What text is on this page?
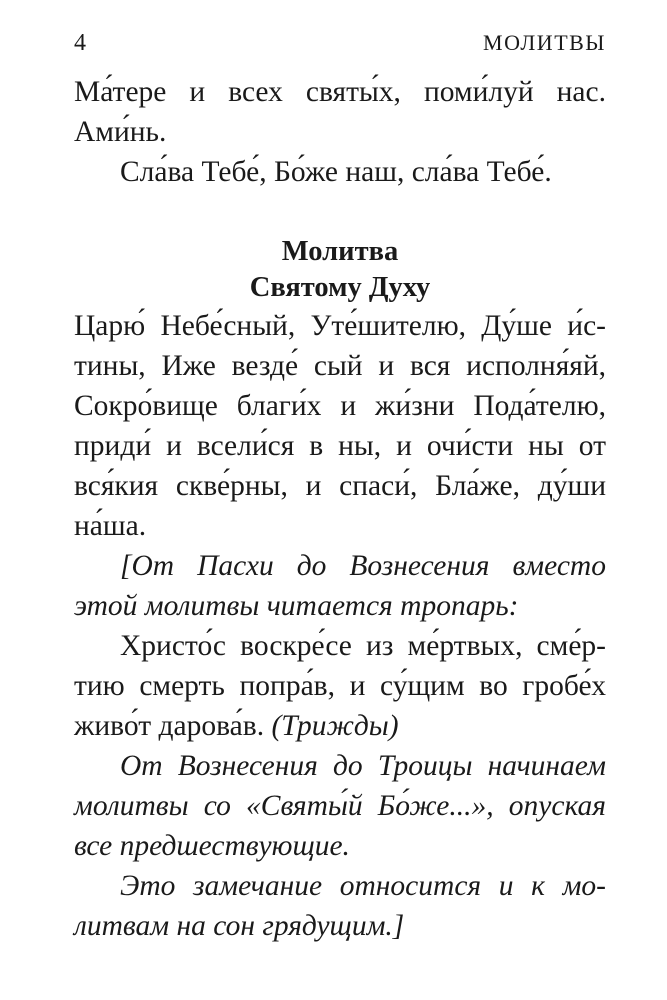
4	МОЛИТВЫ
Ма́тере и всех святы́х, поми́луй нас.
Ами́нь.
Сла́ва Тебе́, Бо́же наш, сла́ва Тебе́.
Молитва
Святому Духу
Царю́ Небе́сный, Уте́шителю, Ду́ше и́с-
тины, Иже везде́ сый и вся исполня́яй,
Сокро́вище благи́х и жи́зни Пода́телю,
приди́ и всели́ся в ны, и очи́сти ны от
вся́кия скве́рны, и спаси́, Бла́же, ду́ши
на́ша.
[От Пасхи до Вознесения вместо
этой молитвы читается тропарь:
Христо́с воскре́се из ме́ртвых, сме́р-
тию смерть попра́в, и су́щим во гробе́х
живо́т дарова́в. (Трижды)
От Вознесения до Троицы начинаем
молитвы со «Святы́й Бо́же...», опуская
все предшествующие.
Это замечание относится и к мо-
литвам на сон грядущим.]
